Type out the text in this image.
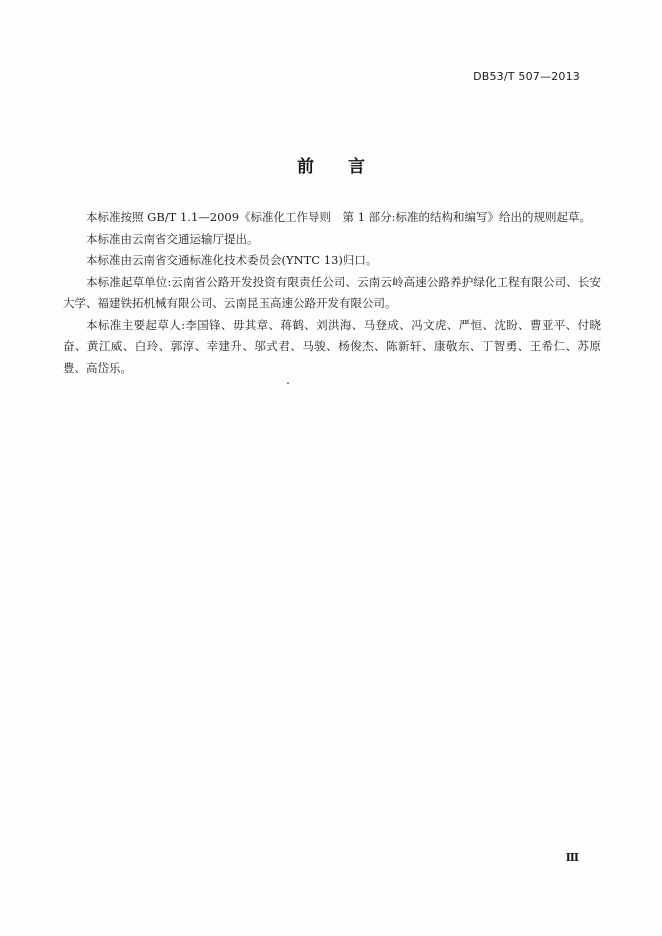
DB53/T 507—2013
前言

本标准按照 GB/T 1.1—2009《标准化工作导则　第 1 部分:标准的结构和编写》给出的规则起草。

本标准由云南省交通运输厅提出。

本标准由云南省交通标准化技术委员会(YNTC 13)归口。

本标准起草单位:云南省公路开发投资有限责任公司、云南云岭高速公路养护绿化工程有限公司、长安大学、福建铁拓机械有限公司、云南昆玉高速公路开发有限公司。

本标准主要起草人:李国锋、毋其章、蒋鹤、刘洪海、马登成、冯文虎、严恒、沈盼、曹亚平、付晓奋、黄江威、白玲、郭淳、幸建升、邬式君、马骏、杨俊杰、陈新轩、康敬东、丁智勇、王希仁、苏原豊、高岱乐。

Ⅲ
